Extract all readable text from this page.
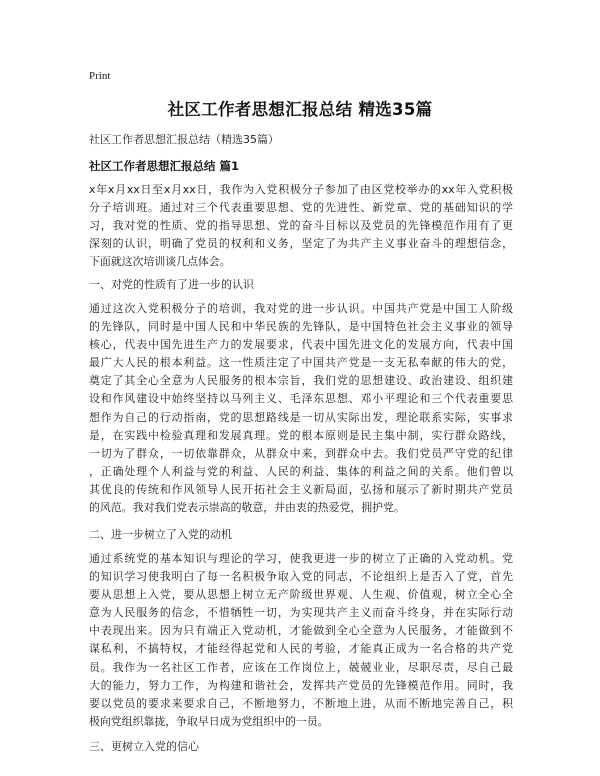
Print
社区工作者思想汇报总结 精选35篇
社区工作者思想汇报总结（精选35篇）
社区工作者思想汇报总结 篇1
x年x月xx日至x月xx日，我作为入党积极分子参加了由区党校举办的xx年入党积极
分子培训班。通过对三个代表重要思想、党的先进性、新党章、党的基础知识的学
习，我对党的性质、党的指导思想、党的奋斗目标以及党员的先锋模范作用有了更
深刻的认识，明确了党员的权利和义务，坚定了为共产主义事业奋斗的理想信念，
下面就这次培训谈几点体会。
一、对党的性质有了进一步的认识
通过这次入党积极分子的培训，我对党的进一步认识。中国共产党是中国工人阶级
的先锋队，同时是中国人民和中华民族的先锋队，是中国特色社会主义事业的领导
核心，代表中国先进生产力的发展要求，代表中国先进文化的发展方向，代表中国
最广大人民的根本利益。这一性质注定了中国共产党是一支无私奉献的伟大的党，
奠定了其全心全意为人民服务的根本宗旨，我们党的思想建设、政治建设、组织建
设和作风建设中始终坚持以马列主义、毛泽东思想、邓小平理论和三个代表重要思
想作为自己的行动指南，党的思想路线是一切从实际出发，理论联系实际，实事求
是，在实践中检验真理和发展真理。党的根本原则是民主集中制，实行群众路线，
一切为了群众，一切依靠群众，从群众中来，到群众中去。我们党员严守党的纪律
，正确处理个人利益与党的利益、人民的利益、集体的利益之间的关系。他们曾以
其优良的传统和作风领导人民开拓社会主义新局面，弘扬和展示了新时期共产党员
的风范。我对我们党表示崇高的敬意，并由衷的热爱党，拥护党。
二、进一步树立了入党的动机
通过系统党的基本知识与理论的学习，使我更进一步的树立了正确的入党动机。党
的知识学习使我明白了每一名积极争取入党的同志，不论组织上是否入了党，首先
要从思想上入党，要从思想上树立无产阶级世界观、人生观、价值观，树立全心全
意为人民服务的信念，不惜牺牲一切，为实现共产主义而奋斗终身，并在实际行动
中表现出来。因为只有端正入党动机，才能做到全心全意为人民服务，才能做到不
谋私利，不搞特权，才能经得起党和人民的考验，才能真正成为一名合格的共产党
员。我作为一名社区工作者，应该在工作岗位上，兢兢业业，尽职尽责，尽自己最
大的能力，努力工作，为构建和谐社会，发挥共产党员的先锋模范作用。同时，我
要以党员的要求来要求自己，不断地努力，不断地上进，从而不断地完善自己，积
极向党组织靠拢，争取早日成为党组织中的一员。
三、更树立入党的信心
